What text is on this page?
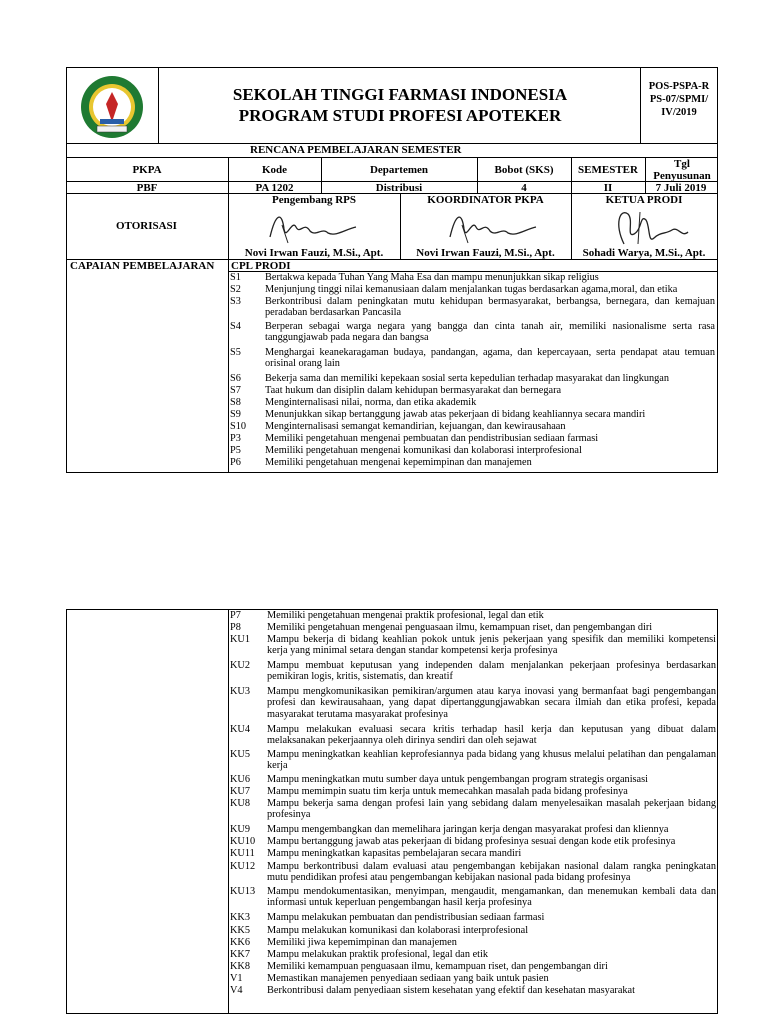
SEKOLAH TINGGI FARMASI INDONESIA
PROGRAM STUDI PROFESI APOTEKER
POS-PSPA-RPS-07/SPMI/IV/2019
RENCANA PEMBELAJARAN SEMESTER
PKPA	Kode	Departemen	Bobot (SKS)	SEMESTER	Tgl Penyusunan
PBF	PA 1202	Distribusi	4	II	7 Juli 2019
OTORISASI
Pengembang RPS	KOORDINATOR PKPA	KETUA PRODI
Novi Irwan Fauzi, M.Si., Apt.	Novi Irwan Fauzi, M.Si., Apt.	Sohadi Warya, M.Si., Apt.
CAPAIAN PEMBELAJARAN CPL PRODI
S1	Bertakwa kepada Tuhan Yang Maha Esa dan mampu menunjukkan sikap religius
S2	Menjunjung tinggi nilai kemanusiaan dalam menjalankan tugas berdasarkan agama,moral, dan etika
S3	Berkontribusi dalam peningkatan mutu kehidupan bermasyarakat, berbangsa, bernegara, dan kemajuan peradaban berdasarkan Pancasila
S4	Berperan sebagai warga negara yang bangga dan cinta tanah air, memiliki nasionalisme serta rasa tanggungjawab pada negara dan bangsa
S5	Menghargai keanekaragaman budaya, pandangan, agama, dan kepercayaan, serta pendapat atau temuan orisinal orang lain
S6	Bekerja sama dan memiliki kepekaan sosial serta kepedulian terhadap masyarakat dan lingkungan
S7	Taat hukum dan disiplin dalam kehidupan bermasyarakat dan bernegara
S8	Menginternalisasi nilai, norma, dan etika akademik
S9	Menunjukkan sikap bertanggung jawab atas pekerjaan di bidang keahliannya secara mandiri
S10	Menginternalisasi semangat kemandirian, kejuangan, dan kewirausahaan
P3	Memiliki pengetahuan mengenai pembuatan dan pendistribusian sediaan farmasi
P5	Memiliki pengetahuan mengenai komunikasi dan kolaborasi interprofesional
P6	Memiliki pengetahuan mengenai kepemimpinan dan manajemen
P7	Memiliki pengetahuan mengenai praktik profesional, legal dan etik
P8	Memiliki pengetahuan mengenai penguasaan ilmu, kemampuan riset, dan pengembangan diri
KU1	Mampu bekerja di bidang keahlian pokok untuk jenis pekerjaan yang spesifik dan memiliki kompetensi kerja yang minimal setara dengan standar kompetensi kerja profesinya
KU2	Mampu membuat keputusan yang independen dalam menjalankan pekerjaan profesinya berdasarkan pemikiran logis, kritis, sistematis, dan kreatif
KU3	Mampu mengkomunikasikan pemikiran/argumen atau karya inovasi yang bermanfaat bagi pengembangan profesi dan kewirausahaan, yang dapat dipertanggungjawabkan secara ilmiah dan etika profesi, kepada masyarakat terutama masyarakat profesinya
KU4	Mampu melakukan evaluasi secara kritis terhadap hasil kerja dan keputusan yang dibuat dalam melaksanakan pekerjaannya oleh dirinya sendiri dan oleh sejawat
KU5	Mampu meningkatkan keahlian keprofesiannya pada bidang yang khusus melalui pelatihan dan pengalaman kerja
KU6	Mampu meningkatkan mutu sumber daya untuk pengembangan program strategis organisasi
KU7	Mampu memimpin suatu tim kerja untuk memecahkan masalah pada bidang profesinya
KU8	Mampu bekerja sama dengan profesi lain yang sebidang dalam menyelesaikan masalah pekerjaan bidang profesinya
KU9	Mampu mengembangkan dan memelihara jaringan kerja dengan masyarakat profesi dan kliennya
KU10	Mampu bertanggung jawab atas pekerjaan di bidang profesinya sesuai dengan kode etik profesinya
KU11	Mampu meningkatkan kapasitas pembelajaran secara mandiri
KU12	Mampu berkontribusi dalam evaluasi atau pengembangan kebijakan nasional dalam rangka peningkatan mutu pendidikan profesi atau pengembangan kebijakan nasional pada bidang profesinya
KU13	Mampu mendokumentasikan, menyimpan, mengaudit, mengamankan, dan menemukan kembali data dan informasi untuk keperluan pengembangan hasil kerja profesinya
KK3	Mampu melakukan pembuatan dan pendistribusian sediaan farmasi
KK5	Mampu melakukan komunikasi dan kolaborasi interprofesional
KK6	Memiliki jiwa kepemimpinan dan manajemen
KK7	Mampu melakukan praktik profesional, legal dan etik
KK8	Memiliki kemampuan penguasaan ilmu, kemampuan riset, dan pengembangan diri
V1	Memastikan manajemen penyediaan sediaan yang baik untuk pasien
V4	Berkontribusi dalam penyediaan sistem kesehatan yang efektif dan kesehatan masyarakat
